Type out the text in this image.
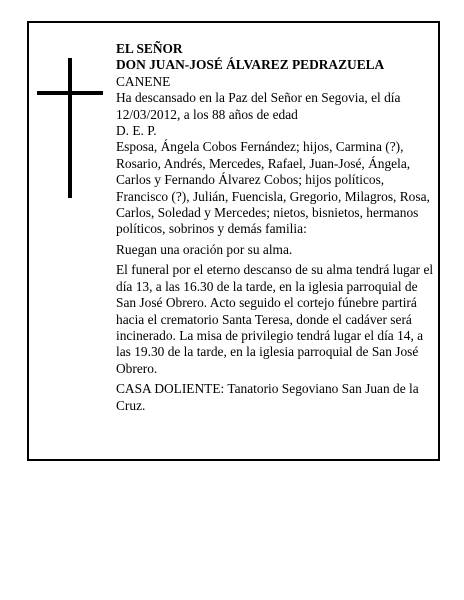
EL SEÑOR

DON JUAN-JOSÉ ÁLVAREZ PEDRAZUELA

CANENE

Ha descansado en la Paz del Señor en Segovia, el día 12/03/2012, a los 88 años de edad

D. E. P.

Esposa, Ángela Cobos Fernández; hijos, Carmina (?), Rosario, Andrés, Mercedes, Rafael, Juan-José, Ángela, Carlos y Fernando Álvarez Cobos; hijos políticos, Francisco (?), Julián, Fuencisla, Gregorio, Milagros, Rosa, Carlos, Soledad y Mercedes; nietos, bisnietos, hermanos políticos, sobrinos y demás familia:

Ruegan una oración por su alma.

El funeral por el eterno descanso de su alma tendrá lugar el día 13, a las 16.30 de la tarde, en la iglesia parroquial de San José Obrero. Acto seguido el cortejo fúnebre partirá hacia el crematorio Santa Teresa, donde el cadáver será incinerado. La misa de privilegio tendrá lugar el día 14, a las 19.30 de la tarde, en la iglesia parroquial de San José Obrero.

CASA DOLIENTE: Tanatorio Segoviano San Juan de la Cruz.
